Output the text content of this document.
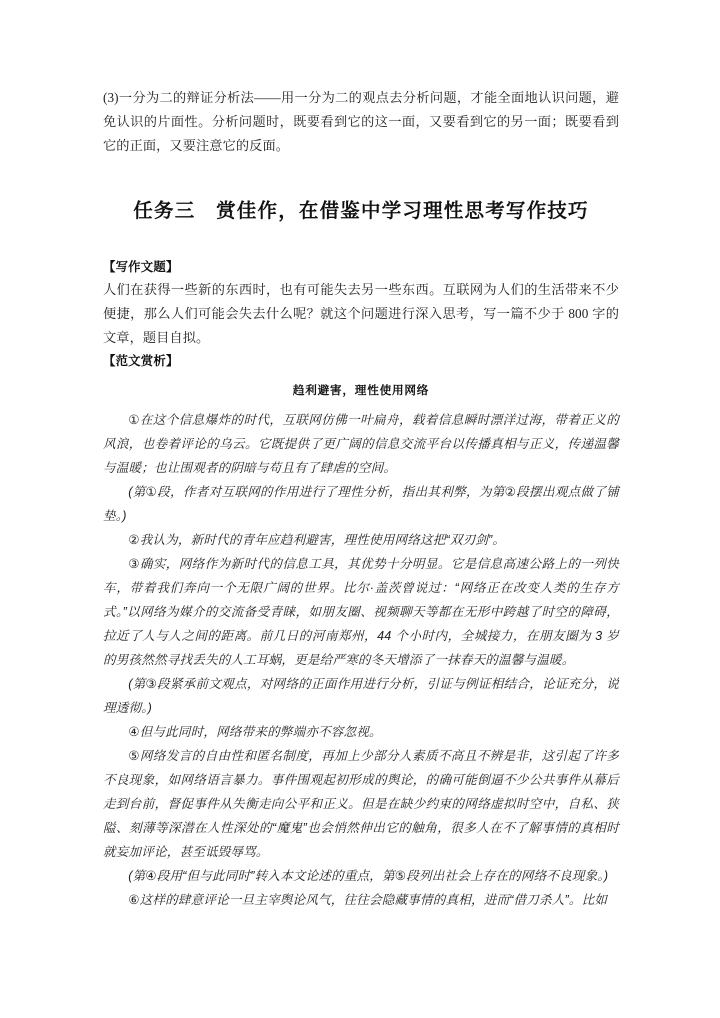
(3)一分为二的辩证分析法——用一分为二的观点去分析问题，才能全面地认识问题，避免认识的片面性。分析问题时，既要看到它的这一面，又要看到它的另一面；既要看到它的正面，又要注意它的反面。

任务三　赏佳作，在借鉴中学习理性思考写作技巧

【写作文题】

人们在获得一些新的东西时，也有可能失去另一些东西。互联网为人们的生活带来不少便捷，那么人们可能会失去什么呢？就这个问题进行深入思考，写一篇不少于 800 字的文章，题目自拟。

【范文赏析】

趋利避害，理性使用网络

①在这个信息爆炸的时代，互联网仿佛一叶扁舟，载着信息瞬时漂洋过海，带着正义的风浪，也卷着评论的乌云。它既提供了更广阔的信息交流平台以传播真相与正义，传递温馨与温暖；也让围观者的阴暗与苟且有了肆虐的空间。

(第①段，作者对互联网的作用进行了理性分析，指出其利弊，为第②段摆出观点做了铺垫。)

②我认为，新时代的青年应趋利避害，理性使用网络这把“双刃剑”。

③确实，网络作为新时代的信息工具，其优势十分明显。它是信息高速公路上的一列快车，带着我们奔向一个无限广阔的世界。比尔·盖茨曾说过：“网络正在改变人类的生存方式。”以网络为媒介的交流备受青睐，如朋友圈、视频聊天等都在无形中跨越了时空的障碍，拉近了人与人之间的距离。前几日的河南郑州，44 个小时内，全城接力，在朋友圈为 3 岁的男孩然然寻找丢失的人工耳蜗，更是给严寒的冬天增添了一抹春天的温馨与温暖。

(第③段紧承前文观点，对网络的正面作用进行分析，引证与例证相结合，论证充分，说理透彻。)

④但与此同时，网络带来的弊端亦不容忽视。

⑤网络发言的自由性和匿名制度，再加上少部分人素质不高且不辨是非，这引起了许多不良现象，如网络语言暴力。事件围观起初形成的舆论，的确可能倒逼不少公共事件从幕后走到台前，督促事件从失衡走向公平和正义。但是在缺少约束的网络虚拟时空中，自私、狭隘、刻薄等深潜在人性深处的“魔鬼”也会悄然伸出它的触角，很多人在不了解事情的真相时就妄加评论，甚至诋毁辱骂。

(第④段用“但与此同时”转入本文论述的重点，第⑤段列出社会上存在的网络不良现象。)

⑥这样的肆意评论一旦主宰舆论风气，往往会隐藏事情的真相，进而“借刀杀人”。比如
